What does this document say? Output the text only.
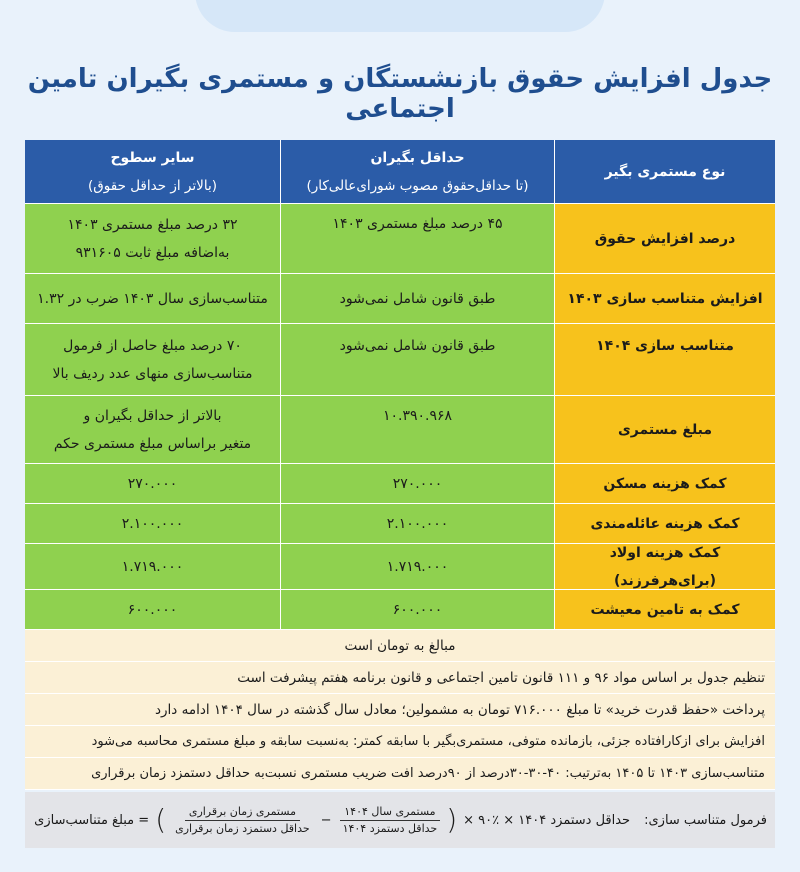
جدول افزایش حقوق بازنشستگان و مستمری بگیران تامین اجتماعی
نوع مستمری بگیر
حداقل بگیران
(تا حداقل‌حقوق مصوب شورای‌عالی‌کار)
سایر سطوح
(بالاتر از حداقل حقوق)
درصد افزایش حقوق
۴۵ درصد مبلغ مستمری ۱۴۰۳
۳۲ درصد مبلغ مستمری ۱۴۰۳
به‌اضافه مبلغ ثابت ۹۳۱۶۰۵
افزایش متناسب سازی ۱۴۰۳
طبق قانون شامل نمی‌شود
متناسب‌سازی سال ۱۴۰۳ ضرب در ۱.۳۲
متناسب سازی ۱۴۰۴
طبق قانون شامل نمی‌شود
۷۰ درصد مبلغ حاصل از فرمول
متناسب‌سازی منهای عدد ردیف بالا
مبلغ مستمری
۱۰.۳۹۰.۹۶۸
بالاتر از حداقل بگیران و
متغیر براساس مبلغ مستمری حکم
کمک هزینه مسکن
۲۷۰.۰۰۰
۲۷۰.۰۰۰
کمک هزینه عائله‌مندی
۲.۱۰۰.۰۰۰
۲.۱۰۰.۰۰۰
کمک هزینه اولاد (برای‌هرفرزند)
۱.۷۱۹.۰۰۰
۱.۷۱۹.۰۰۰
کمک به تامین معیشت
۶۰۰.۰۰۰
۶۰۰.۰۰۰
مبالغ به تومان است
تنظیم جدول بر اساس مواد ۹۶ و ۱۱۱ قانون تامین اجتماعی و قانون برنامه هفتم پیشرفت است
پرداخت «حفظ قدرت خرید» تا مبلغ ۷۱۶.۰۰۰ تومان به مشمولین؛ معادل سال گذشته در سال ۱۴۰۴ ادامه دارد
افزایش برای ازکارافتاده جزئی، بازمانده متوفی، مستمری‌بگیر با سابقه کمتر: به‌نسبت سابقه و مبلغ مستمری محاسبه می‌شود
متناسب‌سازی ۱۴۰۳ تا ۱۴۰۵ به‌ترتیب: ۴۰-۳۰-۳۰درصد از ۹۰درصد افت ضریب مستمری نسبت‌به حداقل دستمزد زمان برقراری
فرمول متناسب سازی:
حداقل دستمزد ۱۴۰۴ × ٪۹۰ ×
(
$\frac{\text{مستمری سال ۱۴۰۴}}{\text{حداقل دستمزد ۱۴۰۴}}$
−
$\frac{\text{مستمری زمان برقراری}}{\text{حداقل دستمزد زمان برقراری}}$
)
= مبلغ متناسب‌سازی
